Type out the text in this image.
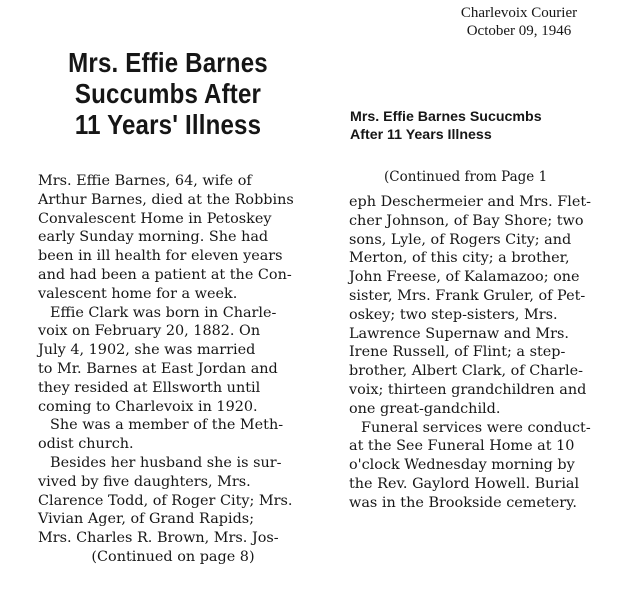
Charlevoix Courier
October 09, 1946
Mrs. Effie Barnes
Succumbs After
11 Years' Illness	Mrs. Effie Barnes Sucucmbs
After 11 Years Illness
(Continued from Page 1

Mrs. Effie Barnes, 64, wife of
Arthur Barnes, died at the Robbins
Convalescent Home in Petoskey
early Sunday morning. She had
been in ill health for eleven years
and had been a patient at the Con-
valescent home for a week.

Effie Clark was born in Charle-
voix on February 20, 1882. On
July 4, 1902, she was married
to Mr. Barnes at East Jordan and
they resided at Ellsworth until
coming to Charlevoix in 1920.

She was a member of the Meth-
odist church.

Besides her husband she is sur-
vived by five daughters, Mrs.
Clarence Todd, of Roger City; Mrs.
Vivian Ager, of Grand Rapids;
Mrs. Charles R. Brown, Mrs. Jos-

(Continued on page 8)

eph Deschermeier and Mrs. Flet-
cher Johnson, of Bay Shore; two
sons, Lyle, of Rogers City; and
Merton, of this city; a brother,
John Freese, of Kalamazoo; one
sister, Mrs. Frank Gruler, of Pet-
oskey; two step-sisters, Mrs.
Lawrence Supernaw and Mrs.
Irene Russell, of Flint; a step-
brother, Albert Clark, of Charle-
voix; thirteen grandchildren and
one great-gandchild.

Funeral services were conduct-
at the See Funeral Home at 10
o'clock Wednesday morning by
the Rev. Gaylord Howell. Burial
was in the Brookside cemetery.
